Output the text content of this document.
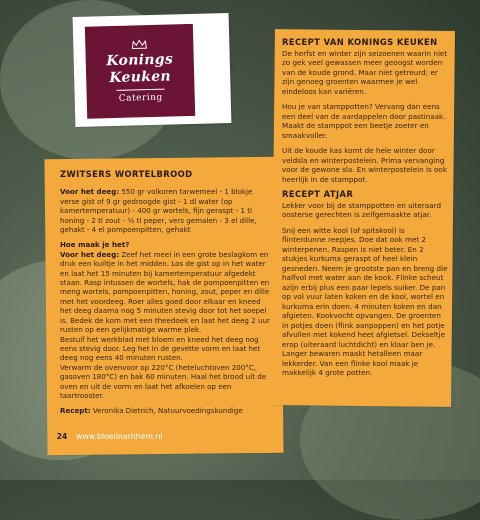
Konings
Keuken
Catering
ZWITSERS WORTELBROOD

Voor het deeg: 550 gr volkoren tarwemeel - 1 blokje verse gist of 9 gr gedroogde gist - 1 dl water (op kamertemperatuur) - 400 gr wortels, fijn geraspt - 1 tl honing - 2 tl zout - ½ tl peper, vers gemalen - 3 el dille, gehakt - 4 el pompoenpitten, gehakt

Hoe maak je het?

Voor het deeg: Zeef het meel in een grote beslagkom en druk een kuiltje in het midden. Los de gist op in het water en laat het 15 minuten bij kamertemperatuur afgedekt staan. Rasp intussen de wortels, hak de pompoenpitten en meng wortels, pompoenpitten, honing, zout, peper en dille met het voordeeg. Roer alles goed door elkaar en kneed het deeg daarna nog 5 minuten stevig door tot het soepel is. Bedek de kom met een theedoek en laat het deeg 2 uur rusten op een gelijkmatige warme plek.

Bestuif het werkblad met bloem en kneed het deeg nog eens stevig door. Leg het in de gevette vorm en laat het deeg nog eens 40 minuten rusten.

Verwarm de ovenvoor op 220°C (heteluchtoven 200°C, gasoven 180°C) en bak 60 minuten. Haal het brood uit de oven en uit de vorm en laat het afkoelen op een taartrooster.

Recept: Veronika Dietrich, Natuurvoedingskundige

RECEPT VAN KONINGS KEUKEN

De herfst en winter zijn seizoenen waarin niet zo gek veel gewassen meer geoogst worden van de koude grond. Maar niet getreurd; er zijn genoeg groenten waarmee je wel eindeloos kan variëren.

Hou je van stamppotten? Vervang dan eens een deel van de aardappelen door pastinaak. Maakt de stamppot een beetje zoeter en smaakvoller.

Uit de koude kas komt de hele winter door veldsla en winterpostelein. Prima vervanging voor de gewone sla. En winterpostelein is ook heerlijk in de stamppot.

RECEPT ATJAR

Lekker voor bij de stamppotten en uiteraard oosterse gerechten is zelfgemaakte atjar.

Snij een witte kool (of spitskool) is flinterdunne reepjes. Doe dat ook met 2 winterpenen. Raspen is niet beter. En 2 stukjes kurkuma geraspt of heel klein gesneden. Neem je grootste pan en breng die halfvol met water aan de kook. Flinke scheut azijn erbij plus een paar lepels suiker. De pan op vol vuur laten koken en de kool, wortel en kurkuma erin doen. 4 minuten koken en dan afgieten. Kookvocht opvangen. De groenten in potjes doen (flink aanpoppen) en het potje afvullen met kokend heet afgietsel. Dekseltje erop (uiteraard luchtdicht) en klaar ben je. Langer bewaren maakt hetalleen maar lekkerder. Van een flinke kool maak je makkelijk 4 grote potten.

24	www.bloeiinarnhem.nl
